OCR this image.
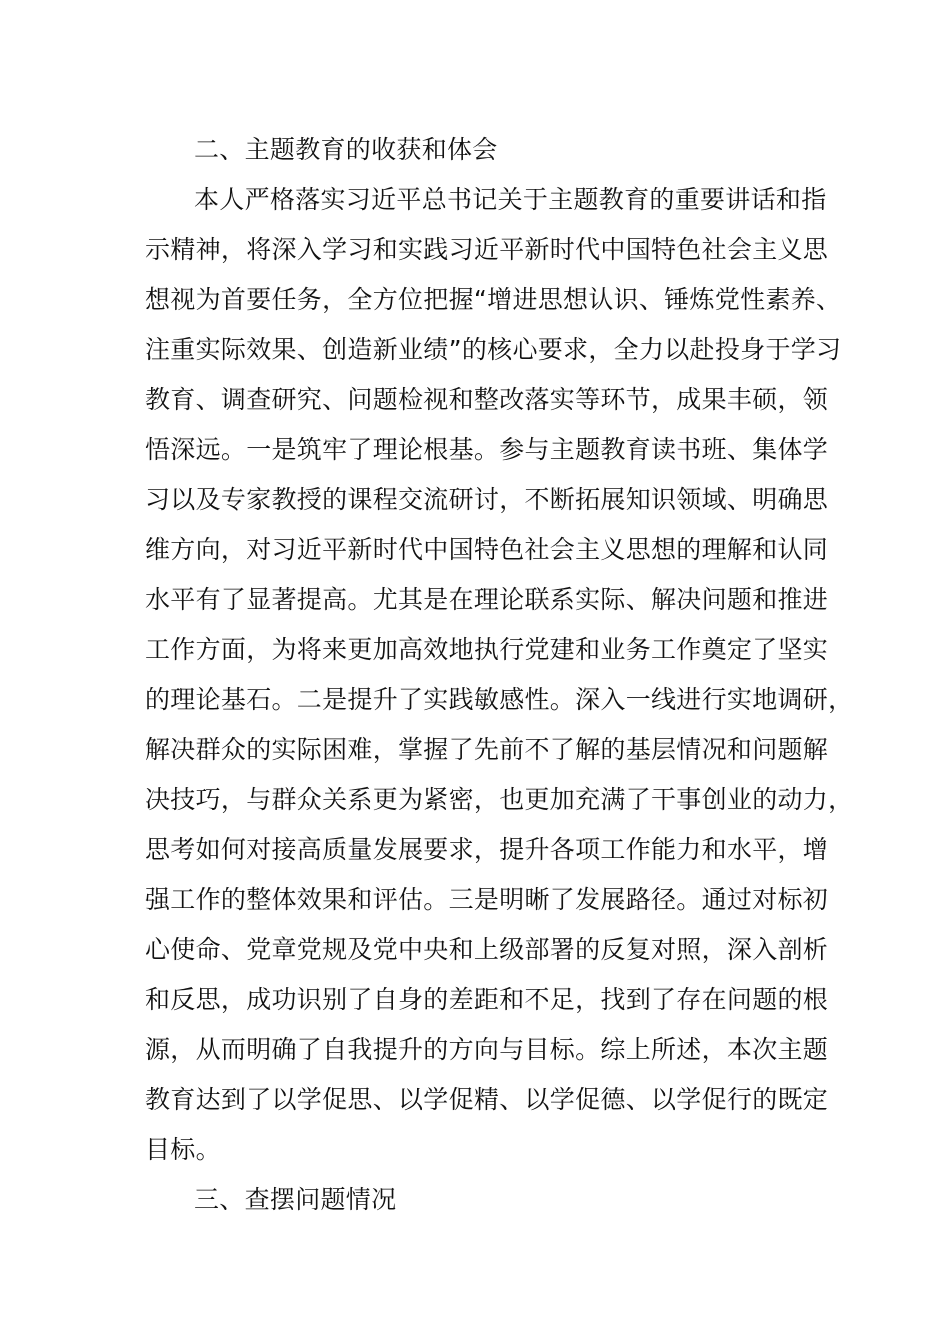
二、主题教育的收获和体会
本人严格落实习近平总书记关于主题教育的重要讲话和指
示精神，将深入学习和实践习近平新时代中国特色社会主义思
想视为首要任务，全方位把握“增进思想认识、锤炼党性素养、
注重实际效果、创造新业绩”的核心要求，全力以赴投身于学习
教育、调查研究、问题检视和整改落实等环节，成果丰硕，领
悟深远。一是筑牢了理论根基。参与主题教育读书班、集体学
习以及专家教授的课程交流研讨，不断拓展知识领域、明确思
维方向，对习近平新时代中国特色社会主义思想的理解和认同
水平有了显著提高。尤其是在理论联系实际、解决问题和推进
工作方面，为将来更加高效地执行党建和业务工作奠定了坚实
的理论基石。二是提升了实践敏感性。深入一线进行实地调研，
解决群众的实际困难，掌握了先前不了解的基层情况和问题解
决技巧，与群众关系更为紧密，也更加充满了干事创业的动力，
思考如何对接高质量发展要求，提升各项工作能力和水平，增
强工作的整体效果和评估。三是明晰了发展路径。通过对标初
心使命、党章党规及党中央和上级部署的反复对照，深入剖析
和反思，成功识别了自身的差距和不足，找到了存在问题的根
源，从而明确了自我提升的方向与目标。综上所述，本次主题
教育达到了以学促思、以学促精、以学促德、以学促行的既定
目标。
三、查摆问题情况
